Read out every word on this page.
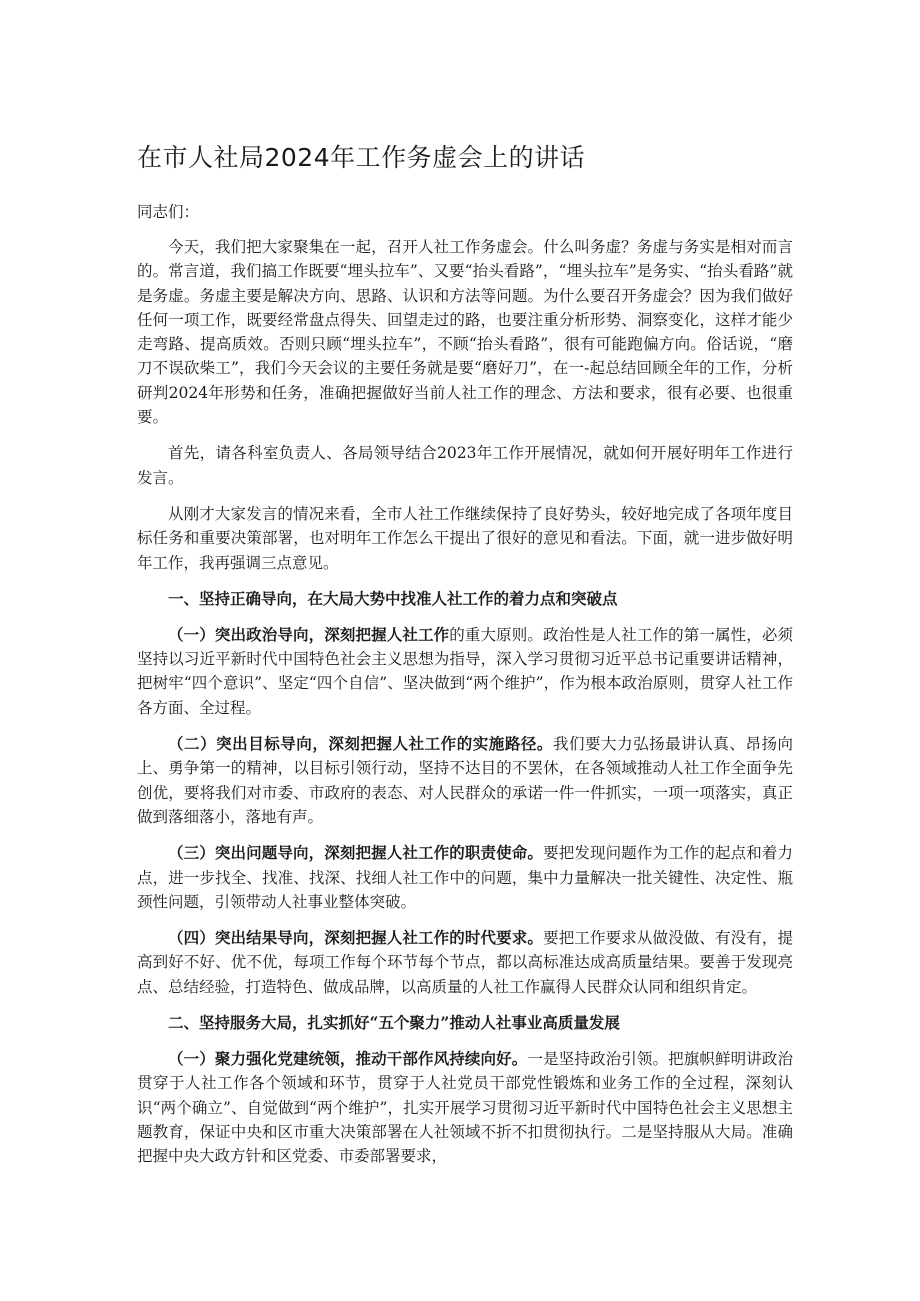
在市人社局2024年工作务虚会上的讲话

同志们：

今天，我们把大家聚集在一起，召开人社工作务虚会。什么叫务虚？务虚与务实是相对而言的。常言道，我们搞工作既要“埋头拉车”、又要“抬头看路”，“埋头拉车”是务实、“抬头看路”就是务虚。务虚主要是解决方向、思路、认识和方法等问题。为什么要召开务虚会？因为我们做好任何一项工作，既要经常盘点得失、回望走过的路，也要注重分析形势、洞察变化，这样才能少走弯路、提高质效。否则只顾“埋头拉车”，不顾“抬头看路”，很有可能跑偏方向。俗话说，“磨刀不误砍柴工”，我们今天会议的主要任务就是要“磨好刀”，在一-起总结回顾全年的工作，分析研判2024年形势和任务，准确把握做好当前人社工作的理念、方法和要求，很有必要、也很重要。

首先，请各科室负责人、各局领导结合2023年工作开展情况，就如何开展好明年工作进行发言。

从刚才大家发言的情况来看，全市人社工作继续保持了良好势头，较好地完成了各项年度目标任务和重要决策部署，也对明年工作怎么干提出了很好的意见和看法。下面，就一进步做好明年工作，我再强调三点意见。

一、坚持正确导向，在大局大势中找准人社工作的着力点和突破点

（一）突出政治导向，深刻把握人社工作的重大原则。政治性是人社工作的第一属性，必须坚持以习近平新时代中国特色社会主义思想为指导，深入学习贯彻习近平总书记重要讲话精神，把树牢“四个意识”、坚定“四个自信”、坚决做到“两个维护”，作为根本政治原则，贯穿人社工作各方面、全过程。

（二）突出目标导向，深刻把握人社工作的实施路径。我们要大力弘扬最讲认真、昂扬向上、勇争第一的精神，以目标引领行动，坚持不达目的不罢休，在各领域推动人社工作全面争先创优，要将我们对市委、市政府的表态、对人民群众的承诺一件一件抓实，一项一项落实，真正做到落细落小，落地有声。

（三）突出问题导向，深刻把握人社工作的职责使命。要把发现问题作为工作的起点和着力点，进一步找全、找准、找深、找细人社工作中的问题，集中力量解决一批关键性、决定性、瓶颈性问题，引领带动人社事业整体突破。

（四）突出结果导向，深刻把握人社工作的时代要求。要把工作要求从做没做、有没有，提高到好不好、优不优，每项工作每个环节每个节点，都以高标准达成高质量结果。要善于发现亮点、总结经验，打造特色、做成品牌，以高质量的人社工作赢得人民群众认同和组织肯定。

二、坚持服务大局，扎实抓好“五个聚力”推动人社事业高质量发展

（一）聚力强化党建统领，推动干部作风持续向好。一是坚持政治引领。把旗帜鲜明讲政治贯穿于人社工作各个领域和环节，贯穿于人社党员干部党性锻炼和业务工作的全过程，深刻认识“两个确立”、自觉做到“两个维护”，扎实开展学习贯彻习近平新时代中国特色社会主义思想主题教育，保证中央和区市重大决策部署在人社领域不折不扣贯彻执行。二是坚持服从大局。准确把握中央大政方针和区党委、市委部署要求，
